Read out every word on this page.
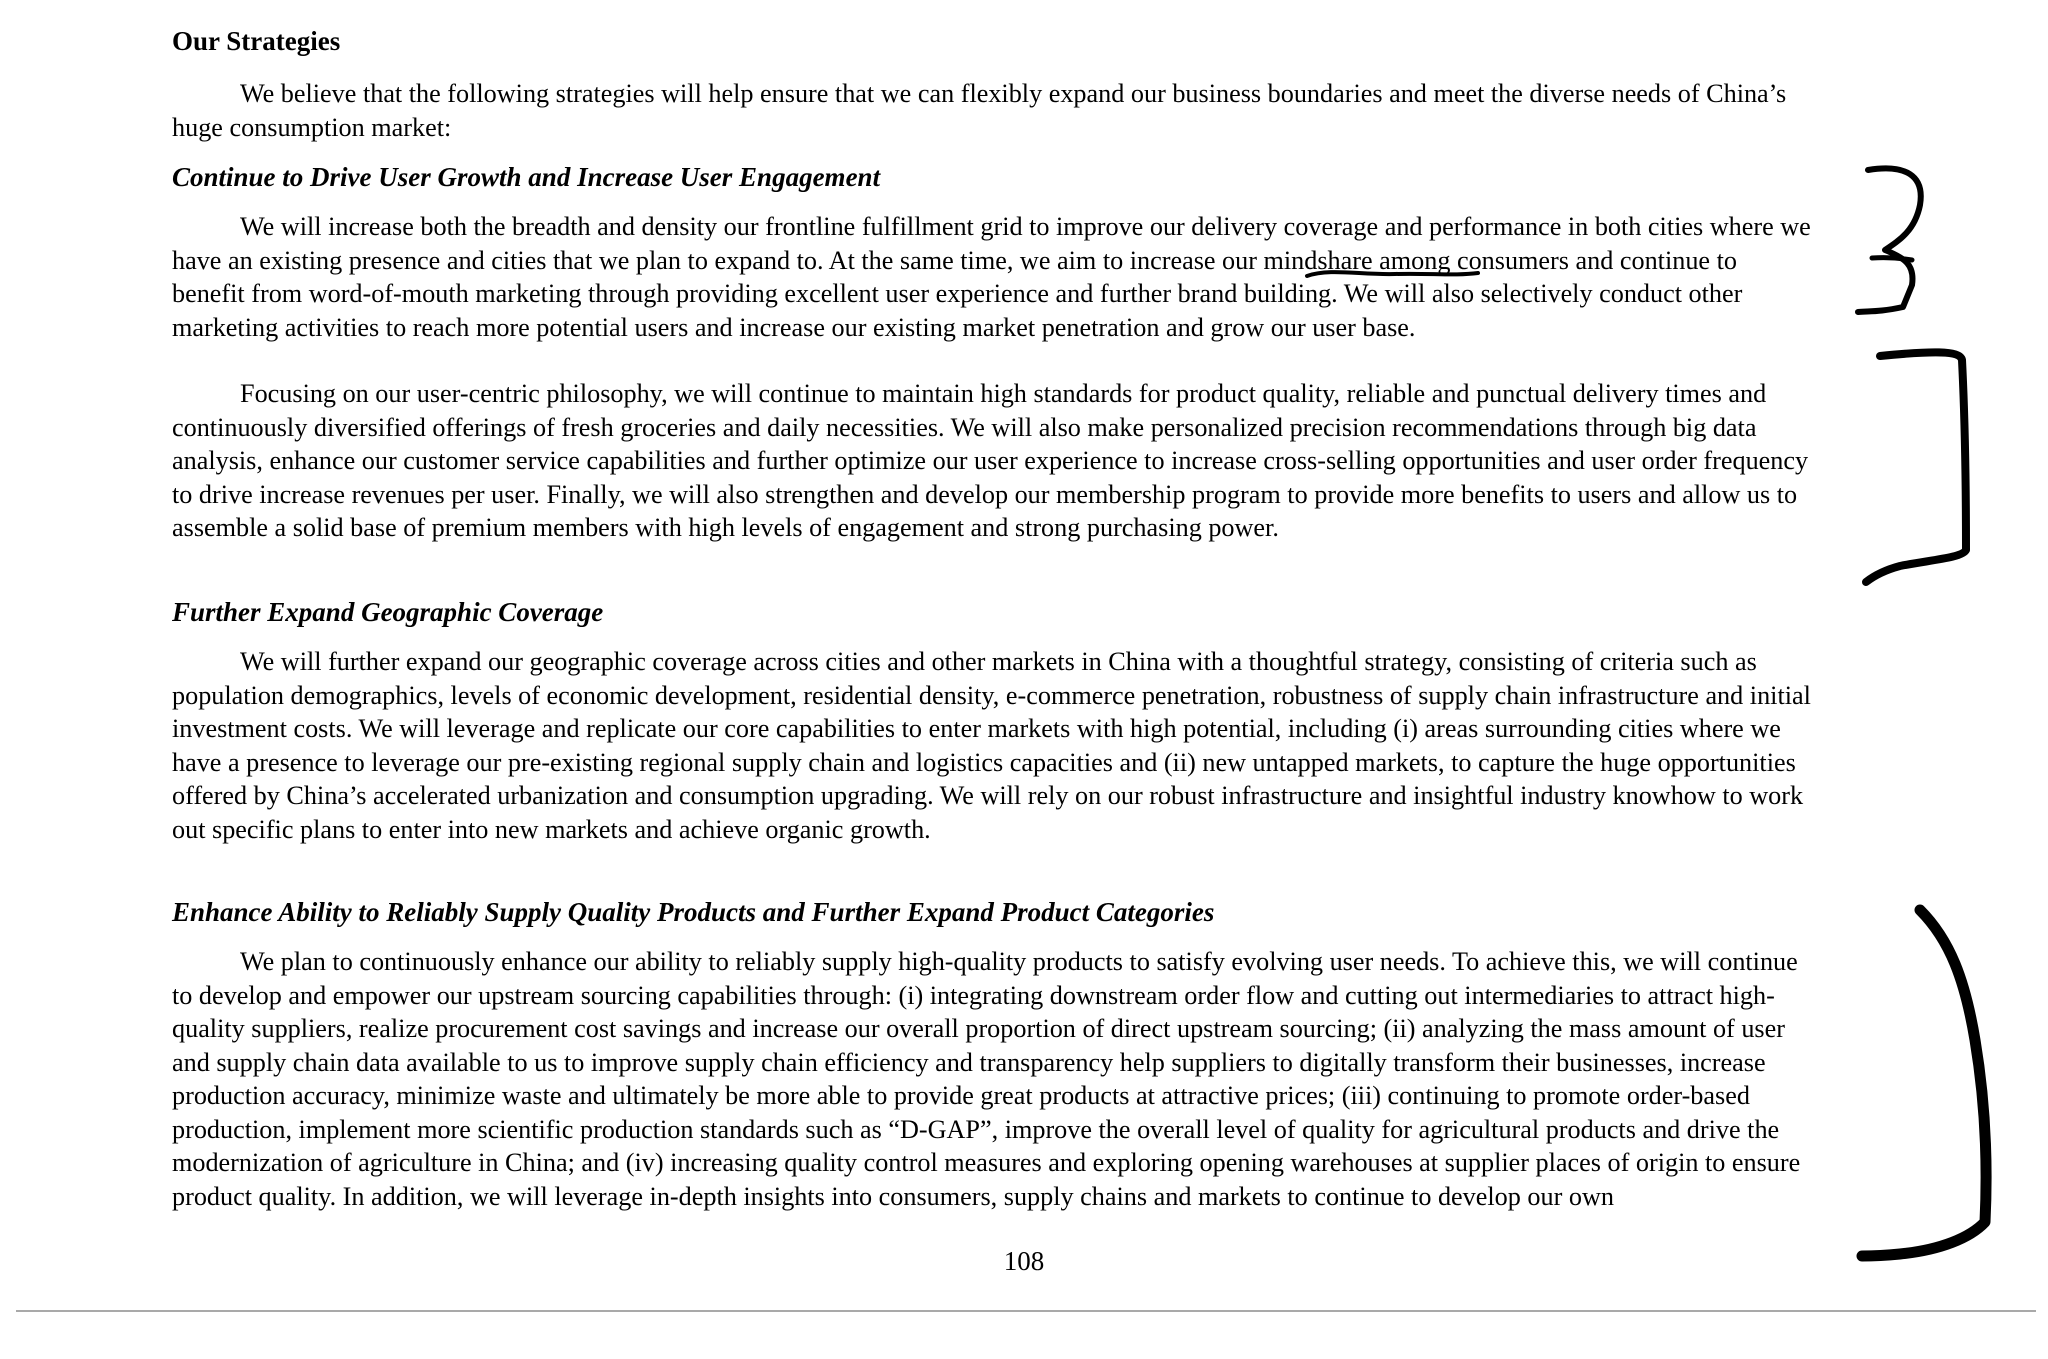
Our Strategies
We believe that the following strategies will help ensure that we can flexibly expand our business boundaries and meet the diverse needs of China’s
huge consumption market:
Continue to Drive User Growth and Increase User Engagement
We will increase both the breadth and density our frontline fulfillment grid to improve our delivery coverage and performance in both cities where we
have an existing presence and cities that we plan to expand to. At the same time, we aim to increase our mindshare among consumers and continue to
benefit from word-of-mouth marketing through providing excellent user experience and further brand building. We will also selectively conduct other
marketing activities to reach more potential users and increase our existing market penetration and grow our user base.
Focusing on our user-centric philosophy, we will continue to maintain high standards for product quality, reliable and punctual delivery times and
continuously diversified offerings of fresh groceries and daily necessities. We will also make personalized precision recommendations through big data
analysis, enhance our customer service capabilities and further optimize our user experience to increase cross-selling opportunities and user order frequency
to drive increase revenues per user. Finally, we will also strengthen and develop our membership program to provide more benefits to users and allow us to
assemble a solid base of premium members with high levels of engagement and strong purchasing power.
Further Expand Geographic Coverage
We will further expand our geographic coverage across cities and other markets in China with a thoughtful strategy, consisting of criteria such as
population demographics, levels of economic development, residential density, e-commerce penetration, robustness of supply chain infrastructure and initial
investment costs. We will leverage and replicate our core capabilities to enter markets with high potential, including (i) areas surrounding cities where we
have a presence to leverage our pre-existing regional supply chain and logistics capacities and (ii) new untapped markets, to capture the huge opportunities
offered by China’s accelerated urbanization and consumption upgrading. We will rely on our robust infrastructure and insightful industry knowhow to work
out specific plans to enter into new markets and achieve organic growth.
Enhance Ability to Reliably Supply Quality Products and Further Expand Product Categories
We plan to continuously enhance our ability to reliably supply high-quality products to satisfy evolving user needs. To achieve this, we will continue
to develop and empower our upstream sourcing capabilities through: (i) integrating downstream order flow and cutting out intermediaries to attract high-
quality suppliers, realize procurement cost savings and increase our overall proportion of direct upstream sourcing; (ii) analyzing the mass amount of user
and supply chain data available to us to improve supply chain efficiency and transparency help suppliers to digitally transform their businesses, increase
production accuracy, minimize waste and ultimately be more able to provide great products at attractive prices; (iii) continuing to promote order-based
production, implement more scientific production standards such as “D-GAP”, improve the overall level of quality for agricultural products and drive the
modernization of agriculture in China; and (iv) increasing quality control measures and exploring opening warehouses at supplier places of origin to ensure
product quality. In addition, we will leverage in-depth insights into consumers, supply chains and markets to continue to develop our own
108
